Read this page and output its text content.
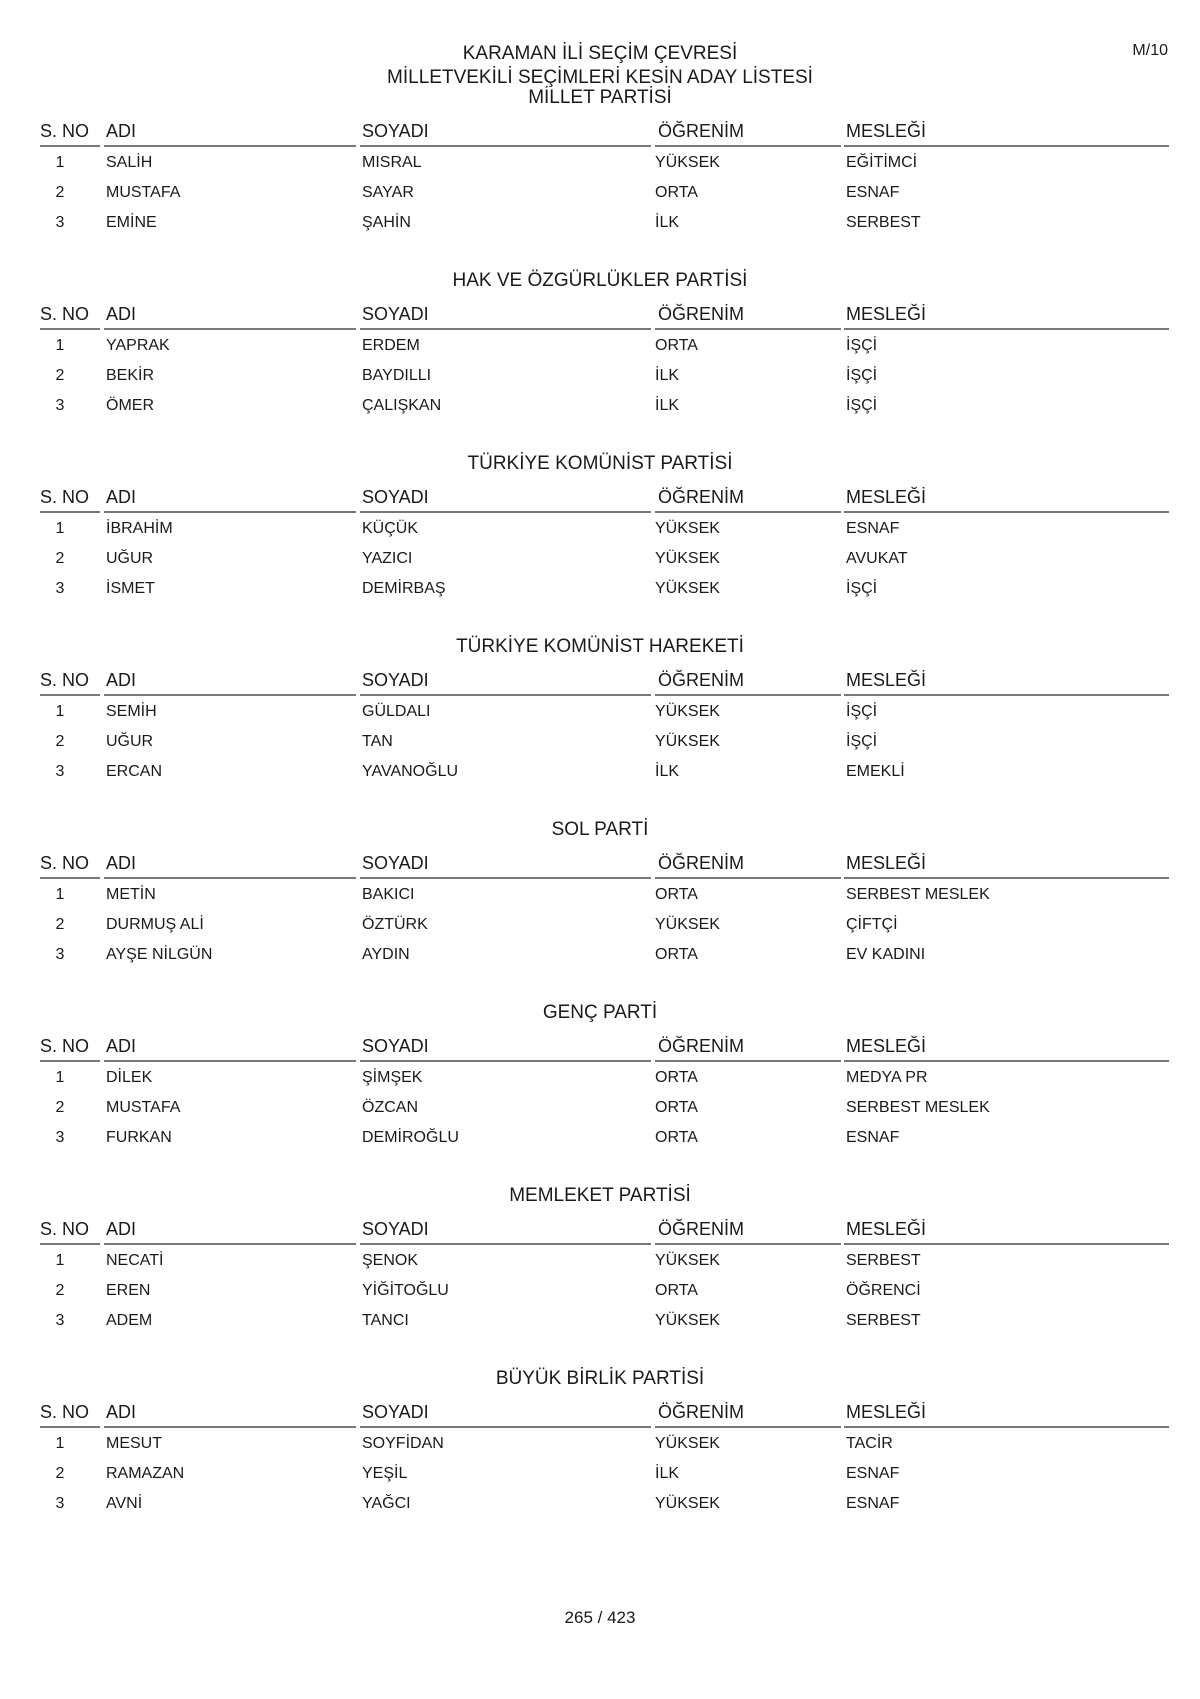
M/10
KARAMAN İLİ SEÇİM ÇEVRESİ
MİLLETVEKİLİ SEÇİMLERİ KESİN ADAY LİSTESİ
MİLLET PARTİSİ
S. NO ADI	SOYADI	ÖĞRENİM	MESLEĞİ
1	SALİH	MISRAL	YÜKSEK	EĞİTİMCİ
2	MUSTAFA	SAYAR	ORTA	ESNAF
3	EMİNE	ŞAHİN	İLK	SERBEST
HAK VE ÖZGÜRLÜKLER PARTİSİ
S. NO ADI	SOYADI	ÖĞRENİM	MESLEĞİ
1	YAPRAK	ERDEM	ORTA	İŞÇİ
2	BEKİR	BAYDILLI	İLK	İŞÇİ
3	ÖMER	ÇALIŞKAN	İLK	İŞÇİ
TÜRKİYE KOMÜNİST PARTİSİ
S. NO ADI	SOYADI	ÖĞRENİM	MESLEĞİ
1	İBRAHİM	KÜÇÜK	YÜKSEK	ESNAF
2	UĞUR	YAZICI	YÜKSEK	AVUKAT
3	İSMET	DEMİRBAŞ	YÜKSEK	İŞÇİ
TÜRKİYE KOMÜNİST HAREKETİ
S. NO ADI	SOYADI	ÖĞRENİM	MESLEĞİ
1	SEMİH	GÜLDALI	YÜKSEK	İŞÇİ
2	UĞUR	TAN	YÜKSEK	İŞÇİ
3	ERCAN	YAVANOĞLU	İLK	EMEKLİ
SOL PARTİ
S. NO ADI	SOYADI	ÖĞRENİM	MESLEĞİ
1	METİN	BAKICI	ORTA	SERBEST MESLEK
2	DURMUŞ ALİ	ÖZTÜRK	YÜKSEK	ÇİFTÇİ
3	AYŞE NİLGÜN	AYDIN	ORTA	EV KADINI
GENÇ PARTİ
S. NO ADI	SOYADI	ÖĞRENİM	MESLEĞİ
1	DİLEK	ŞİMŞEK	ORTA	MEDYA PR
2	MUSTAFA	ÖZCAN	ORTA	SERBEST MESLEK
3	FURKAN	DEMİROĞLU	ORTA	ESNAF
MEMLEKET PARTİSİ
S. NO ADI	SOYADI	ÖĞRENİM	MESLEĞİ
1	NECATİ	ŞENOK	YÜKSEK	SERBEST
2	EREN	YİĞİTOĞLU	ORTA	ÖĞRENCİ
3	ADEM	TANCI	YÜKSEK	SERBEST
BÜYÜK BİRLİK PARTİSİ
S. NO ADI	SOYADI	ÖĞRENİM	MESLEĞİ
1	MESUT	SOYFİDAN	YÜKSEK	TACİR
2	RAMAZAN	YEŞİL	İLK	ESNAF
3	AVNİ	YAĞCI	YÜKSEK	ESNAF
265 / 423
